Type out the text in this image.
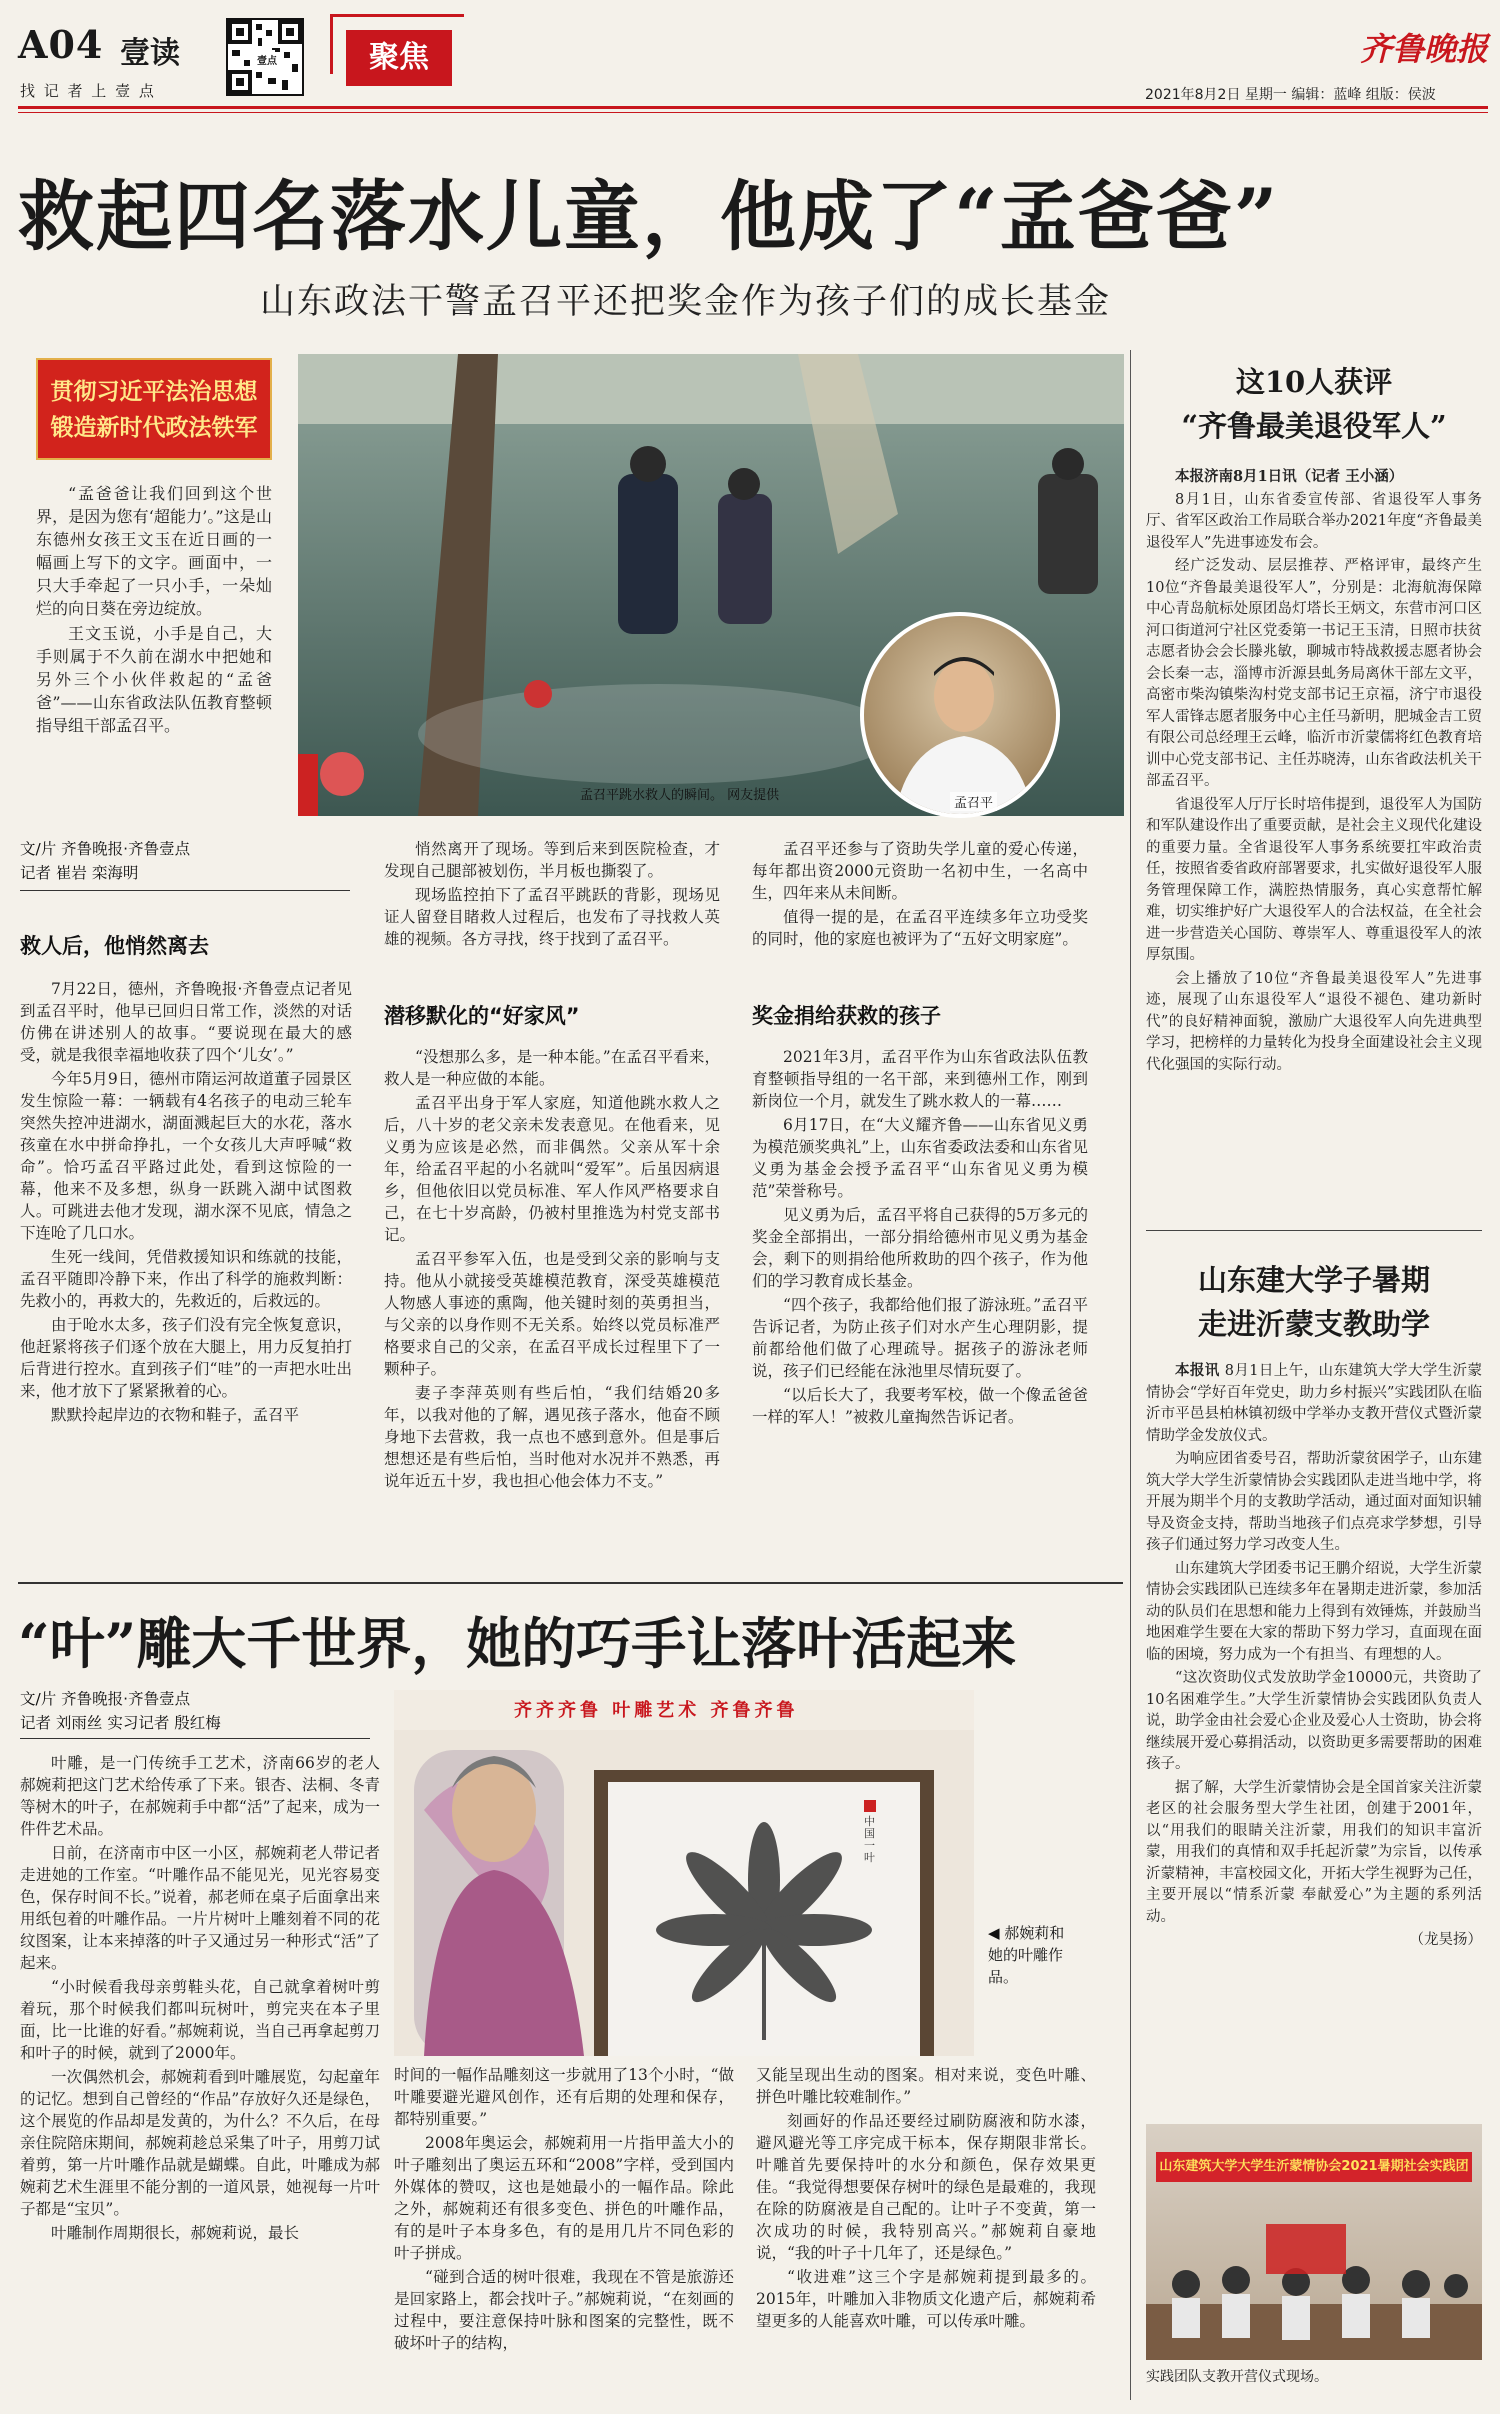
A04 壹读
找 记 者 上 壹 点
壹点	聚焦	齐鲁晚报
2021年8月2日 星期一 编辑：蓝峰 组版：侯波
救起四名落水儿童，他成了“孟爸爸”
山东政法干警孟召平还把奖金作为孩子们的成长基金
贯彻习近平法治思想
锻造新时代政法铁军

“孟爸爸让我们回到这个世界，是因为您有‘超能力’。”这是山东德州女孩王文玉在近日画的一幅画上写下的文字。画面中，一只大手牵起了一只小手，一朵灿烂的向日葵在旁边绽放。

王文玉说，小手是自己，大手则属于不久前在湖水中把她和另外三个小伙伴救起的“孟爸爸”——山东省政法队伍教育整顿指导组干部孟召平。

孟召平
孟召平跳水救人的瞬间。 网友提供
文/片 齐鲁晚报·齐鲁壹点
记者 崔岩 栾海明
救人后，他悄然离去

7月22日，德州，齐鲁晚报·齐鲁壹点记者见到孟召平时，他早已回归日常工作，淡然的对话仿佛在讲述别人的故事。“要说现在最大的感受，就是我很幸福地收获了四个‘儿女’。”

今年5月9日，德州市隋运河故道董子园景区发生惊险一幕：一辆载有4名孩子的电动三轮车突然失控冲进湖水，湖面溅起巨大的水花，落水孩童在水中拼命挣扎，一个女孩儿大声呼喊“救命”。恰巧孟召平路过此处，看到这惊险的一幕，他来不及多想，纵身一跃跳入湖中试图救人。可跳进去他才发现，湖水深不见底，情急之下连呛了几口水。

生死一线间，凭借救援知识和练就的技能，孟召平随即冷静下来，作出了科学的施救判断：先救小的，再救大的，先救近的，后救远的。

由于呛水太多，孩子们没有完全恢复意识，他赶紧将孩子们逐个放在大腿上，用力反复拍打后背进行控水。直到孩子们“哇”的一声把水吐出来，他才放下了紧紧揪着的心。

默默拎起岸边的衣物和鞋子，孟召平

悄然离开了现场。等到后来到医院检查，才发现自己腿部被划伤，半月板也撕裂了。

现场监控拍下了孟召平跳跃的背影，现场见证人留登目睹救人过程后，也发布了寻找救人英雄的视频。各方寻找，终于找到了孟召平。

潜移默化的“好家风”

“没想那么多，是一种本能。”在孟召平看来，救人是一种应做的本能。

孟召平出身于军人家庭，知道他跳水救人之后，八十岁的老父亲未发表意见。在他看来，见义勇为应该是必然，而非偶然。父亲从军十余年，给孟召平起的小名就叫“爱军”。后虽因病退乡，但他依旧以党员标准、军人作风严格要求自己，在七十岁高龄，仍被村里推选为村党支部书记。

孟召平参军入伍，也是受到父亲的影响与支持。他从小就接受英雄模范教育，深受英雄模范人物感人事迹的熏陶，他关键时刻的英勇担当，与父亲的以身作则不无关系。始终以党员标准严格要求自己的父亲，在孟召平成长过程里下了一颗种子。

妻子李萍英则有些后怕，“我们结婚20多年，以我对他的了解，遇见孩子落水，他奋不顾身地下去营救，我一点也不感到意外。但是事后想想还是有些后怕，当时他对水况并不熟悉，再说年近五十岁，我也担心他会体力不支。”

孟召平还参与了资助失学儿童的爱心传递，每年都出资2000元资助一名初中生，一名高中生，四年来从未间断。

值得一提的是，在孟召平连续多年立功受奖的同时，他的家庭也被评为了“五好文明家庭”。

奖金捐给获救的孩子

2021年3月，孟召平作为山东省政法队伍教育整顿指导组的一名干部，来到德州工作，刚到新岗位一个月，就发生了跳水救人的一幕……

6月17日，在“大义耀齐鲁——山东省见义勇为模范颁奖典礼”上，山东省委政法委和山东省见义勇为基金会授予孟召平“山东省见义勇为模范”荣誉称号。

见义勇为后，孟召平将自己获得的5万多元的奖金全部捐出，一部分捐给德州市见义勇为基金会，剩下的则捐给他所救助的四个孩子，作为他们的学习教育成长基金。

“四个孩子，我都给他们报了游泳班。”孟召平告诉记者，为防止孩子们对水产生心理阴影，提前都给他们做了心理疏导。据孩子的游泳老师说，孩子们已经能在泳池里尽情玩耍了。

“以后长大了，我要考军校，做一个像孟爸爸一样的军人！”被救儿童掏然告诉记者。

“叶”雕大千世界，她的巧手让落叶活起来
文/片 齐鲁晚报·齐鲁壹点
记者 刘雨丝 实习记者 殷红梅
齐齐齐鲁 叶雕艺术 齐鲁齐鲁
中国一叶
◀ 郝婉莉和她的叶雕作品。

叶雕，是一门传统手工艺术，济南66岁的老人郝婉莉把这门艺术给传承了下来。银杏、法桐、冬青等树木的叶子，在郝婉莉手中都“活”了起来，成为一件件艺术品。

日前，在济南市中区一小区，郝婉莉老人带记者走进她的工作室。“叶雕作品不能见光，见光容易变色，保存时间不长。”说着，郝老师在桌子后面拿出来用纸包着的叶雕作品。一片片树叶上雕刻着不同的花纹图案，让本来掉落的叶子又通过另一种形式“活”了起来。

“小时候看我母亲剪鞋头花，自己就拿着树叶剪着玩，那个时候我们都叫玩树叶，剪完夹在本子里面，比一比谁的好看。”郝婉莉说，当自己再拿起剪刀和叶子的时候，就到了2000年。

一次偶然机会，郝婉莉看到叶雕展览，勾起童年的记忆。想到自己曾经的“作品”存放好久还是绿色，这个展览的作品却是发黄的，为什么？不久后，在母亲住院陪床期间，郝婉莉趁总采集了叶子，用剪刀试着剪，第一片叶雕作品就是蝴蝶。自此，叶雕成为郝婉莉艺术生涯里不能分割的一道风景，她视每一片叶子都是“宝贝”。

叶雕制作周期很长，郝婉莉说，最长

时间的一幅作品雕刻这一步就用了13个小时，“做叶雕要避光避风创作，还有后期的处理和保存，都特别重要。”

2008年奥运会，郝婉莉用一片指甲盖大小的叶子雕刻出了奥运五环和“2008”字样，受到国内外媒体的赞叹，这也是她最小的一幅作品。除此之外，郝婉莉还有很多变色、拼色的叶雕作品，有的是叶子本身多色，有的是用几片不同色彩的叶子拼成。

“碰到合适的树叶很难，我现在不管是旅游还是回家路上，都会找叶子。”郝婉莉说，“在刻画的过程中，要注意保持叶脉和图案的完整性，既不破坏叶子的结构，

又能呈现出生动的图案。相对来说，变色叶雕、拼色叶雕比较难制作。”

刻画好的作品还要经过刷防腐液和防水漆，避风避光等工序完成干标本，保存期限非常长。叶雕首先要保持叶的水分和颜色，保存效果更佳。“我觉得想要保存树叶的绿色是最难的，我现在除的防腐液是自己配的。让叶子不变黄，第一次成功的时候，我特别高兴。”郝婉莉自豪地说，“我的叶子十几年了，还是绿色。”

“收进难”这三个字是郝婉莉提到最多的。2015年，叶雕加入非物质文化遗产后，郝婉莉希望更多的人能喜欢叶雕，可以传承叶雕。

这10人获评
“齐鲁最美退役军人”

本报济南8月1日讯（记者 王小涵）

8月1日，山东省委宣传部、省退役军人事务厅、省军区政治工作局联合举办2021年度“齐鲁最美退役军人”先进事迹发布会。

经广泛发动、层层推荐、严格评审，最终产生10位“齐鲁最美退役军人”，分别是：北海航海保障中心青岛航标处原团岛灯塔长王炳文，东营市河口区河口街道河宁社区党委第一书记王玉清，日照市扶贫志愿者协会会长滕兆敏，聊城市特战救援志愿者协会会长秦一志，淄博市沂源县虬务局离休干部左文平，高密市柴沟镇柴沟村党支部书记王京福，济宁市退役军人雷锋志愿者服务中心主任马新明，肥城金吉工贸有限公司总经理王云峰，临沂市沂蒙儒将红色教育培训中心党支部书记、主任苏晓涛，山东省政法机关干部孟召平。

省退役军人厅厅长时培伟提到，退役军人为国防和军队建设作出了重要贡献，是社会主义现代化建设的重要力量。全省退役军人事务系统要扛牢政治责任，按照省委省政府部署要求，扎实做好退役军人服务管理保障工作，满腔热情服务，真心实意帮忙解难，切实维护好广大退役军人的合法权益，在全社会进一步营造关心国防、尊崇军人、尊重退役军人的浓厚氛围。

会上播放了10位“齐鲁最美退役军人”先进事迹，展现了山东退役军人“退役不褪色、建功新时代”的良好精神面貌，激励广大退役军人向先进典型学习，把榜样的力量转化为投身全面建设社会主义现代化强国的实际行动。

山东建大学子暑期
走进沂蒙支教助学

本报讯 8月1日上午，山东建筑大学大学生沂蒙情协会“学好百年党史，助力乡村振兴”实践团队在临沂市平邑县柏林镇初级中学举办支教开营仪式暨沂蒙情助学金发放仪式。

为响应团省委号召，帮助沂蒙贫困学子，山东建筑大学大学生沂蒙情协会实践团队走进当地中学，将开展为期半个月的支教助学活动，通过面对面知识辅导及资金支持，帮助当地孩子们点亮求学梦想，引导孩子们通过努力学习改变人生。

山东建筑大学团委书记王鹏介绍说，大学生沂蒙情协会实践团队已连续多年在暑期走进沂蒙，参加活动的队员们在思想和能力上得到有效锤炼，并鼓励当地困难学生要在大家的帮助下努力学习，直面现在面临的困境，努力成为一个有担当、有理想的人。

“这次资助仪式发放助学金10000元，共资助了10名困难学生。”大学生沂蒙情协会实践团队负责人说，助学金由社会爱心企业及爱心人士资助，协会将继续展开爱心募捐活动，以资助更多需要帮助的困难孩子。

据了解，大学生沂蒙情协会是全国首家关注沂蒙老区的社会服务型大学生社团，创建于2001年，以“用我们的眼睛关注沂蒙，用我们的知识丰富沂蒙，用我们的真情和双手托起沂蒙”为宗旨，以传承沂蒙精神，丰富校园文化，开拓大学生视野为己任，主要开展以“情系沂蒙 奉献爱心”为主题的系列活动。

（龙昊扬）

山东建筑大学大学生沂蒙情协会2021暑期社会实践团
实践团队支教开营仪式现场。
